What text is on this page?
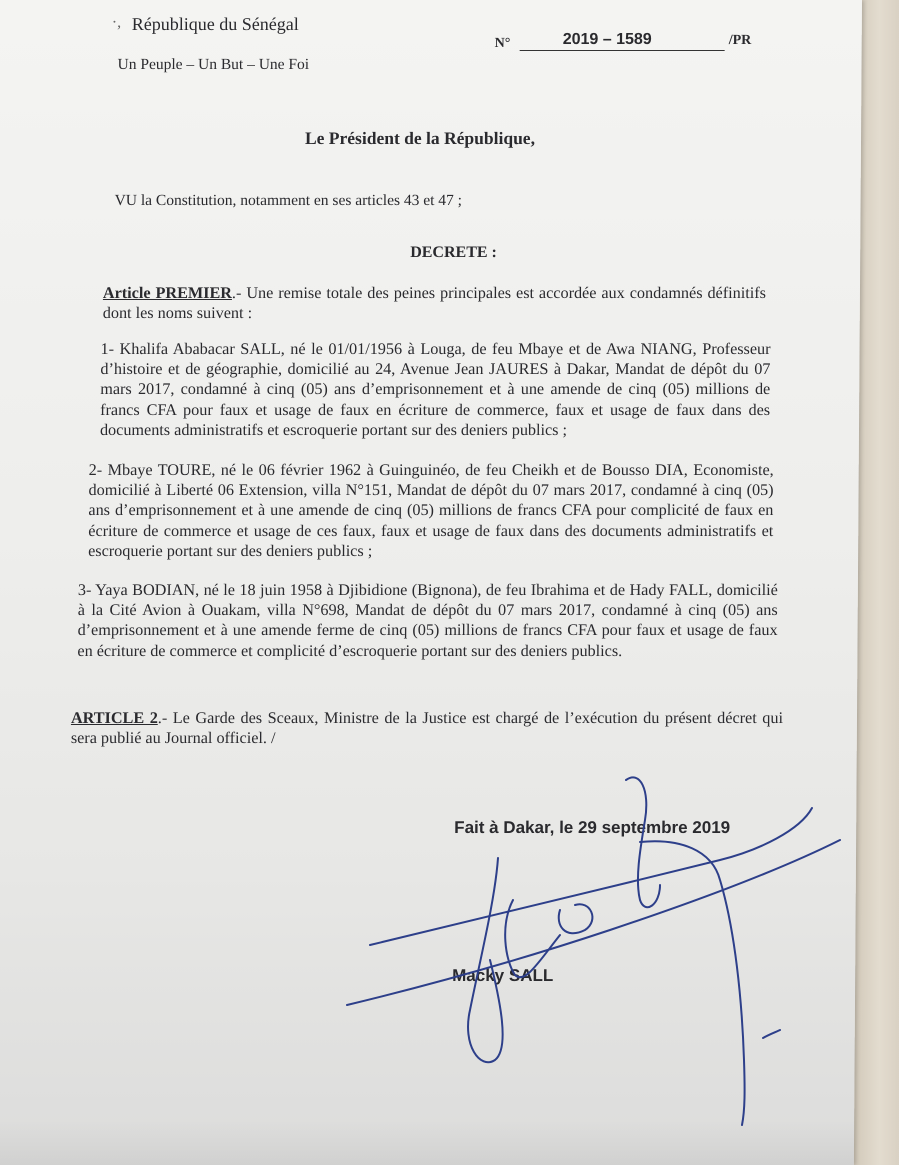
·, République du Sénégal
Un Peuple – Un But – Une Foi
N°	2019 – 1589	/PR
Le Président de la République,
VU la Constitution, notamment en ses articles 43 et 47 ;
DECRETE :

Article PREMIER.- Une remise totale des peines principales est accordée aux condamnés définitifs dont les noms suivent :

1- Khalifa Ababacar SALL, né le 01/01/1956 à Louga, de feu Mbaye et de Awa NIANG, Professeur d’histoire et de géographie, domicilié au 24, Avenue Jean JAURES à Dakar, Mandat de dépôt du 07 mars 2017, condamné à cinq (05) ans d’emprisonnement et à une amende de cinq (05) millions de francs CFA pour faux et usage de faux en écriture de commerce, faux et usage de faux dans des documents administratifs et escroquerie portant sur des deniers publics ;

2- Mbaye TOURE, né le 06 février 1962 à Guinguinéo, de feu Cheikh et de Bousso DIA, Economiste, domicilié à Liberté 06 Extension, villa N°151, Mandat de dépôt du 07 mars 2017, condamné à cinq (05) ans d’emprisonnement et à une amende de cinq (05) millions de francs CFA pour complicité de faux en écriture de commerce et usage de ces faux, faux et usage de faux dans des documents administratifs et escroquerie portant sur des deniers publics ;

3- Yaya BODIAN, né le 18 juin 1958 à Djibidione (Bignona), de feu Ibrahima et de Hady FALL, domicilié à la Cité Avion à Ouakam, villa N°698, Mandat de dépôt du 07 mars 2017, condamné à cinq (05) ans d’emprisonnement et à une amende ferme de cinq (05) millions de francs CFA pour faux et usage de faux en écriture de commerce et complicité d’escroquerie portant sur des deniers publics.

ARTICLE 2.- Le Garde des Sceaux, Ministre de la Justice est chargé de l’exécution du présent décret qui sera publié au Journal officiel. /

Fait à Dakar, le 29 septembre 2019
Macky SALL
